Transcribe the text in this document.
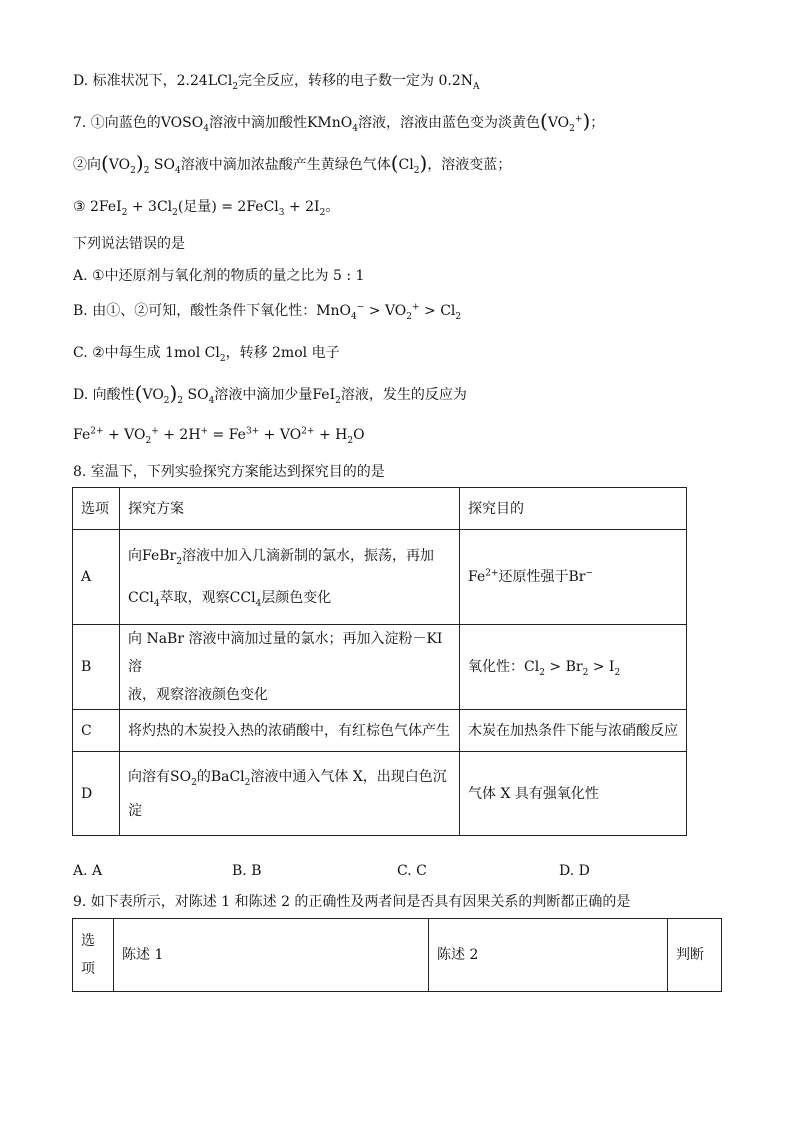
D. 标准状况下，2.24LCl$_2$完全反应，转移的电子数一定为 $0.2N_A$
7. ①向蓝色的$VOSO_4$溶液中滴加酸性KMnO$_4$溶液，溶液由蓝色变为淡黄色$(VO_2^+)$；
②向$(VO_2)_2$ $SO_4$溶液中滴加浓盐酸产生黄绿色气体$(Cl_2)$，溶液变蓝；
③ $2FeI_2 + 3Cl_2$(足量) = 2FeCl$_3$ + $2I_2$。
下列说法错误的是
A. ①中还原剂与氧化剂的物质的量之比为 5 : 1
B. 由①、②可知，酸性条件下氧化性：$MnO_4^- > VO_2^+ > Cl_2$
C. ②中每生成 1mol $Cl_2$，转移 2mol 电子
D. 向酸性$(VO_2)_2$ $SO_4$溶液中滴加少量FeI$_2$溶液，发生的反应为
$Fe^{2+} + VO_2^+ + 2H^+ = Fe^{3+} + VO^{2+} + H_2O$
8. 室温下，下列实验探究方案能达到探究目的的是
选项	探究方案	探究目的
A	向FeBr$_2$溶液中加入几滴新制的氯水，振荡，再加
CCl$_4$萃取，观察CCl$_4$层颜色变化	$Fe^{2+}$还原性强于Br−
B	向 NaBr 溶液中滴加过量的氯水；再加入淀粉－KI 溶
液，观察溶液颜色变化	氧化性：$Cl_2 > Br_2 > I_2$
C	将灼热的木炭投入热的浓硝酸中，有红棕色气体产生	木炭在加热条件下能与浓硝酸反应
D	向溶有$SO_2$的BaCl$_2$溶液中通入气体 X，出现白色沉
淀	气体 X 具有强氧化性
A. A	B. B	C. C	D. D
9. 如下表所示，对陈述 1 和陈述 2 的正确性及两者间是否具有因果关系的判断都正确的是
选
项
	陈述 1	陈述 2	判断
